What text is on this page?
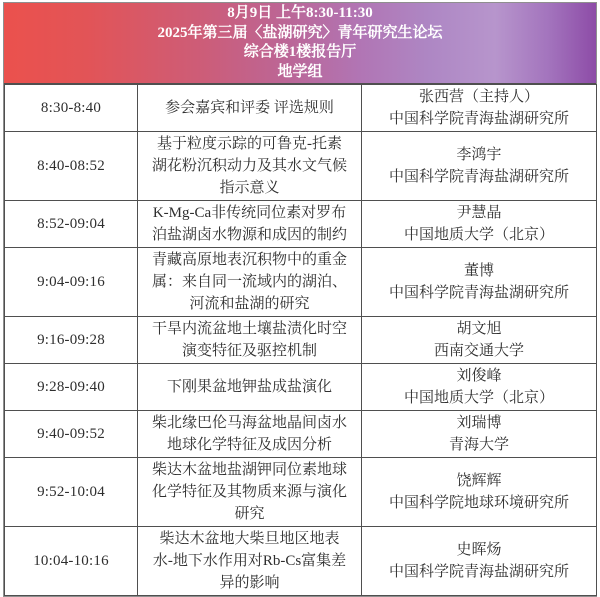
8月9日 上午8:30-11:30
2025年第三届〈盐湖研究〉青年研究生论坛
综合楼1楼报告厅
地学组
8:30-8:40	参会嘉宾和评委 评选规则	张西营（主持人）
中国科学院青海盐湖研究所

8:40-08:52	基于粒度示踪的可鲁克-托素湖花粉沉积动力及其水文气候指示意义	李鸿宇
中国科学院青海盐湖研究所

8:52-09:04	K-Mg-Ca非传统同位素对罗布泊盐湖卤水物源和成因的制约	尹慧晶
中国地质大学（北京）

9:04-09:16	青藏高原地表沉积物中的重金属：来自同一流域内的湖泊、河流和盐湖的研究	董博
中国科学院青海盐湖研究所

9:16-09:28	干旱内流盆地土壤盐渍化时空演变特征及驱控机制	胡文旭
西南交通大学

9:28-09:40	下刚果盆地钾盐成盐演化	刘俊峰
中国地质大学（北京）

9:40-09:52	柴北缘巴伦马海盆地晶间卤水地球化学特征及成因分析	刘瑞博
青海大学

9:52-10:04	柴达木盆地盐湖钾同位素地球化学特征及其物质来源与演化研究	饶辉辉
中国科学院地球环境研究所

10:04-10:16	柴达木盆地大柴旦地区地表水-地下水作用对Rb-Cs富集差异的影响	史晖炀
中国科学院青海盐湖研究所
